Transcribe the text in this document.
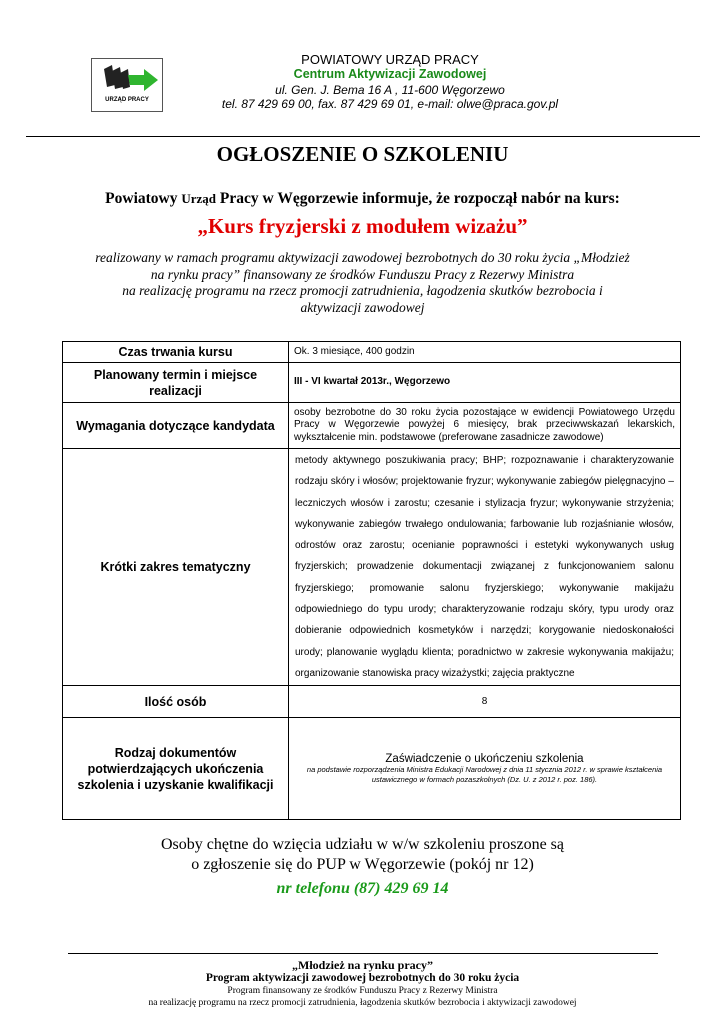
URZĄD PRACY
POWIATOWY URZĄD PRACY
Centrum Aktywizacji Zawodowej
ul. Gen. J. Bema 16 A , 11-600 Węgorzewo
tel. 87 429 69 00, fax. 87 429 69 01, e-mail: olwe@praca.gov.pl
OGŁOSZENIE O SZKOLENIU
Powiatowy Urząd Pracy w Węgorzewie informuje, że rozpoczął nabór na kurs:
„Kurs fryzjerski z modułem wizażu”
realizowany w ramach programu aktywizacji zawodowej bezrobotnych do 30 roku życia „Młodzież
na rynku pracy” finansowany ze środków Funduszu Pracy z Rezerwy Ministra
na realizację programu na rzecz promocji zatrudnienia, łagodzenia skutków bezrobocia i
aktywizacji zawodowej
Czas trwania kursu	Ok. 3 miesiące, 400 godzin
Planowany termin i miejsce realizacji	III - VI kwartał 2013r., Węgorzewo
Wymagania dotyczące kandydata	osoby bezrobotne do 30 roku życia pozostające w ewidencji Powiatowego Urzędu Pracy w Węgorzewie powyżej 6 miesięcy, brak przeciwwskazań lekarskich, wykształcenie min. podstawowe (preferowane zasadnicze zawodowe)
Krótki zakres tematyczny	metody aktywnego poszukiwania pracy; BHP; rozpoznawanie i charakteryzowanie rodzaju skóry i włosów; projektowanie fryzur; wykonywanie zabiegów pielęgnacyjno – leczniczych włosów i zarostu; czesanie i stylizacja fryzur; wykonywanie strzyżenia; wykonywanie zabiegów trwałego ondulowania; farbowanie lub rozjaśnianie włosów, odrostów oraz zarostu; ocenianie poprawności i estetyki wykonywanych usług fryzjerskich; prowadzenie dokumentacji związanej z funkcjonowaniem salonu fryzjerskiego; promowanie salonu fryzjerskiego; wykonywanie makijażu odpowiedniego do typu urody; charakteryzowanie rodzaju skóry, typu urody oraz dobieranie odpowiednich kosmetyków i narzędzi; korygowanie niedoskonałości urody; planowanie wyglądu klienta; poradnictwo w zakresie wykonywania makijażu; organizowanie stanowiska pracy wizażystki; zajęcia praktyczne
Ilość osób	8
Rodzaj dokumentów potwierdzających ukończenia szkolenia i uzyskanie kwalifikacji	Zaświadczenie o ukończeniu szkolenia
na podstawie rozporządzenia Ministra Edukacji Narodowej z dnia 11 stycznia 2012 r. w sprawie kształcenia ustawicznego w formach pozaszkolnych (Dz. U. z 2012 r. poz. 186).
Osoby chętne do wzięcia udziału w w/w szkoleniu proszone są
o zgłoszenie się do PUP w Węgorzewie (pokój nr 12)
nr telefonu (87) 429 69 14
„Młodzież na rynku pracy”
Program aktywizacji zawodowej bezrobotnych do 30 roku życia
Program finansowany ze środków Funduszu Pracy z Rezerwy Ministra
na realizację programu na rzecz promocji zatrudnienia, łagodzenia skutków bezrobocia i aktywizacji zawodowej
